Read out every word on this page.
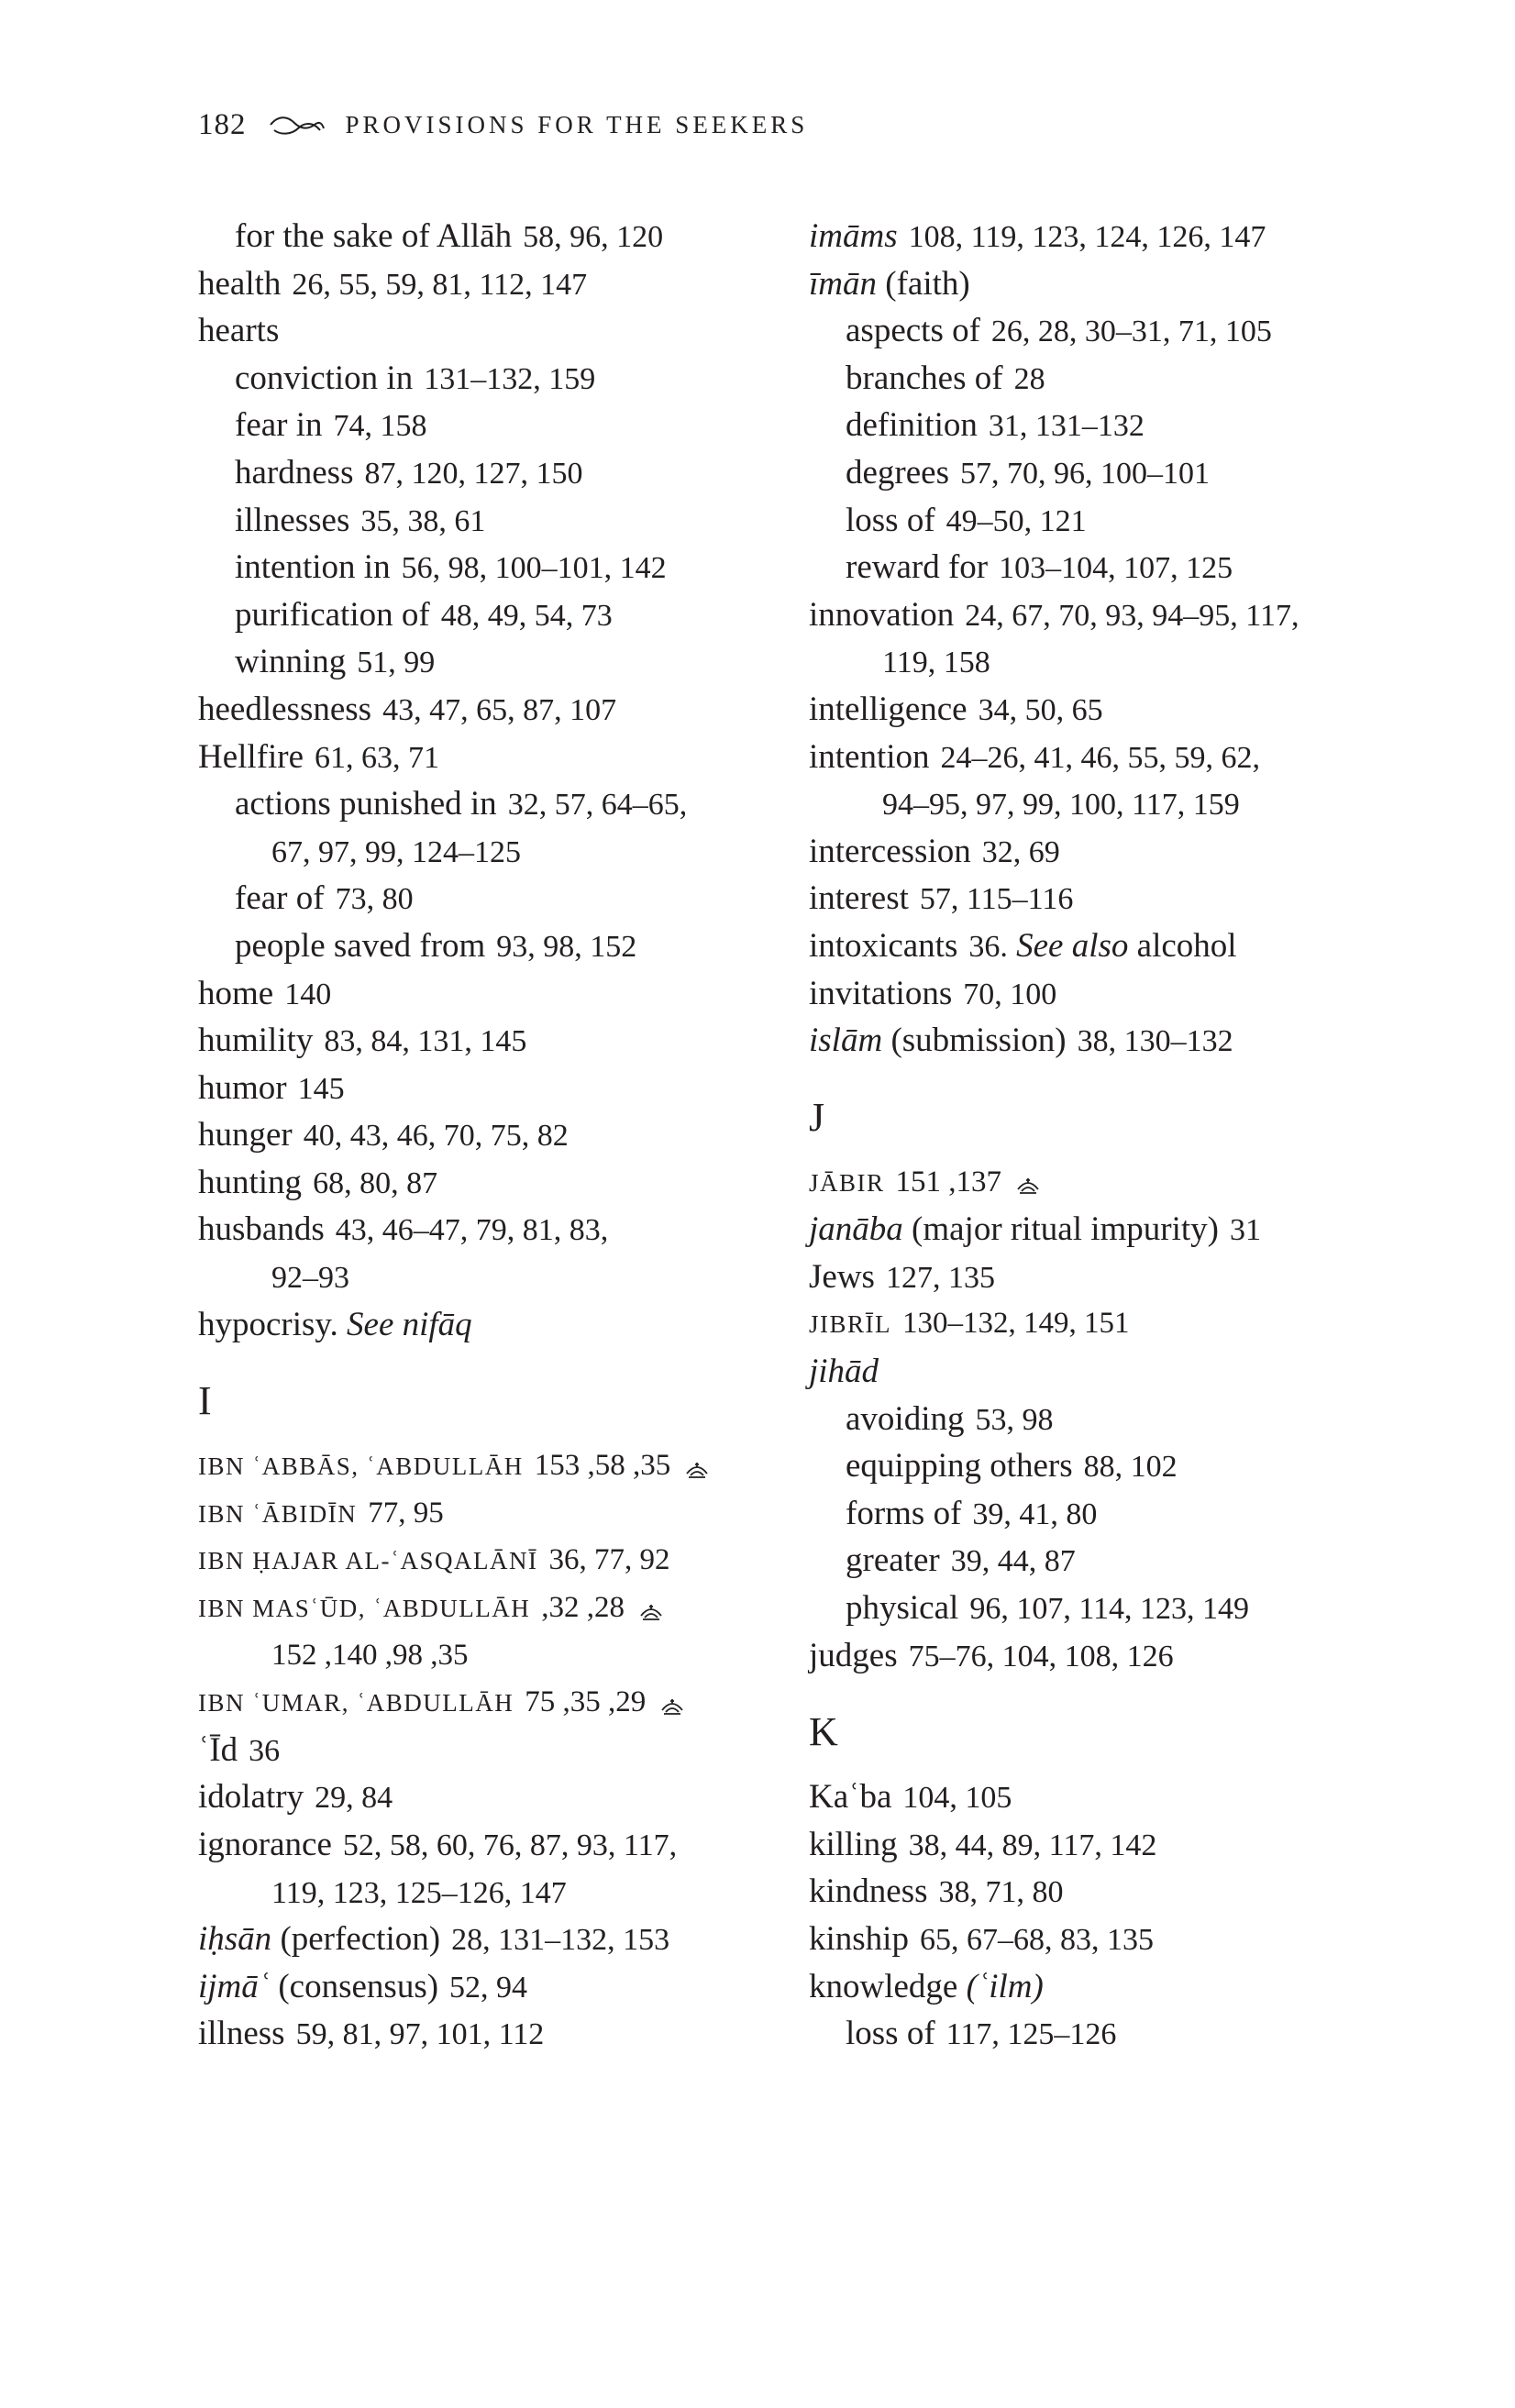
182	PROVISIONS FOR THE SEEKERS
for the sake of Allāh 58, 96, 120
health 26, 55, 59, 81, 112, 147
hearts
conviction in 131–132, 159
fear in 74, 158
hardness 87, 120, 127, 150
illnesses 35, 38, 61
intention in 56, 98, 100–101, 142
purification of 48, 49, 54, 73
winning 51, 99
heedlessness 43, 47, 65, 87, 107
Hellfire 61, 63, 71
actions punished in 32, 57, 64–65,
67, 97, 99, 124–125
fear of 73, 80
people saved from 93, 98, 152
home 140
humility 83, 84, 131, 145
humor 145
hunger 40, 43, 46, 70, 75, 82
hunting 68, 80, 87
husbands 43, 46–47, 79, 81, 83,
92–93
hypocrisy. See nifāq
I
IBN ʿABBĀS, ʿABDULLĀH 153 ,58 ,35
IBN ʿĀBIDĪN 77, 95
IBN ḤAJAR AL-ʿASQALĀNĪ 36, 77, 92
IBN MASʿŪD, ʿABDULLĀH ,32 ,28
152 ,140 ,98 ,35
IBN ʿUMAR, ʿABDULLĀH 75 ,35 ,29
ʿĪd 36
idolatry 29, 84
ignorance 52, 58, 60, 76, 87, 93, 117,
119, 123, 125–126, 147
iḥsān (perfection) 28, 131–132, 153
ijmāʿ (consensus) 52, 94
illness 59, 81, 97, 101, 112
imāms 108, 119, 123, 124, 126, 147
īmān (faith)
aspects of 26, 28, 30–31, 71, 105
branches of 28
definition 31, 131–132
degrees 57, 70, 96, 100–101
loss of 49–50, 121
reward for 103–104, 107, 125
innovation 24, 67, 70, 93, 94–95, 117,
119, 158
intelligence 34, 50, 65
intention 24–26, 41, 46, 55, 59, 62,
94–95, 97, 99, 100, 117, 159
intercession 32, 69
interest 57, 115–116
intoxicants 36. See also alcohol
invitations 70, 100
islām (submission) 38, 130–132
J
JĀBIR 151 ,137
janāba (major ritual impurity) 31
Jews 127, 135
JIBRĪL 130–132, 149, 151
jihād
avoiding 53, 98
equipping others 88, 102
forms of 39, 41, 80
greater 39, 44, 87
physical 96, 107, 114, 123, 149
judges 75–76, 104, 108, 126
K
Kaʿba 104, 105
killing 38, 44, 89, 117, 142
kindness 38, 71, 80
kinship 65, 67–68, 83, 135
knowledge (ʿilm)
loss of 117, 125–126
